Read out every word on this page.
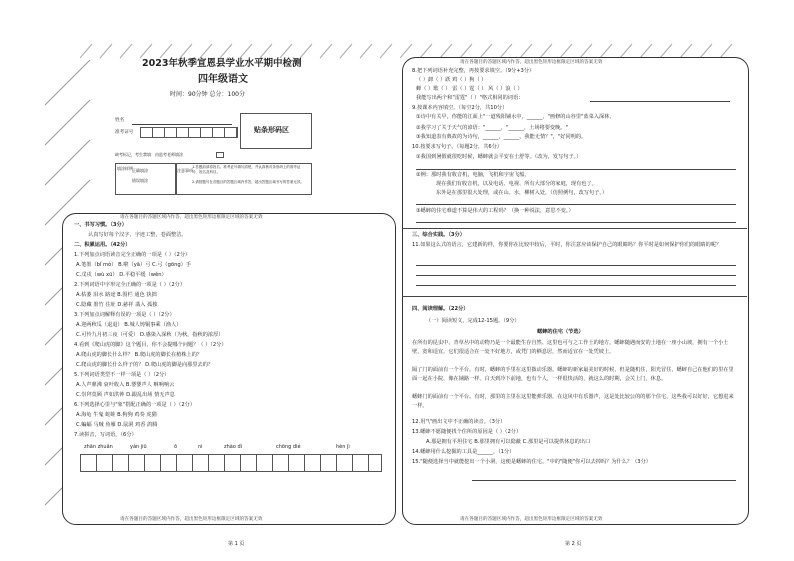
2023年秋季宣恩县学业水平期中检测
四年级语文
时间：90分钟 总分：100分
姓名
准考证号	贴条形码区
缺考标记，考生禁填：由监考老师填涂
填涂样例 正确填涂
错误填涂
注意事项
1.答题前请将姓名、准考证号填写清楚，并认真核对条形码上的准考证号、姓名及科目。
2.请按题号在各题目的答题区域内作答，超出答题区域书写的答案无效。
请在各题目的答题区域内作答，超出黑色矩形边框限定区域的答案无效
请在各题目的答题区域内作答，超出黑色矩形边框限定区域的答案无效
一、书写习惯。（3分）
认真写好每个汉字，字迹工整，卷面整洁。
二、积累运用。（42分）
1.下列加点词语读音完全正确的一项是（ ）（2分）
A.笔墨（bǐ mò） B.啦（yā）弓 C.弓（gōng）手
C.戊戌（wù xū） D.平稳平缓（wěn）
2.下列词语中字形完全正确的一项是（ ）（2分）
A.枯萎 泪水 路途 B.围栏 通色 执拙
C.隐藏 墨竹 住址 D.慈祥 翡入 孤独
3.下列加点词解释有误的一项是（ ）（2分）
A.迎两秋瓜（退退） B.城人铸铜事乘（渔人）
C.可怜九月初三夜（可爱） D.感染入深秋（为秋，指秋的浓厚）
4.看到《爬山虎的脚》这个题目，你不会提哪个问题？（ ）（2分）
A.爬山虎的脚长什么样？ B.爬山虎的脚长在植株上的？
C.爬山虎的脚长什么样子的？ D.爬山虎的脚是向那里去的？
5.下列词语类型不一样一项是（ ）（2分）
A.人声鼎沸 衰叶收入 B.婴婴声人 咻响响云
C.崇拜莫顾 声如洪钟 D.跟乱出场 情无声息
6.下列选择心里与"象"搭配正确的一项是（ ）（2分）
A.海龟 牛鬼 蛇蛙 B.狗狗 鸡奏 虎猫
C.蝙蝠 马贼 鱼雁 D.鼠洞 鸡香 鸽腾
7.读拼音，写词语。（6分）
zhān zhuǎn	yán jiū	ō	ni	zhào dì	chōng dié	hèn jì
请在各题目的答题区域内作答，超出黑色矩形边框限定区域的答案无效
请在各题目的答题区域内作答，超出黑色矩形边框限定区域的答案无效
8.把下列词语补充完整，再按要求填空。（9分+3分）
（ ）卸（ ）跃 鸡（ ）狗（ ）
蝉（ ）歌（ ） 雷（ ）霆（ ） 风（ ）浪（ ）
我能写出两个和"雷霆"（ ）"格式相同的词语：
9.按课本内容填空。（每空2分，共10分）
①诗中有关早，你能的江面上"一道残阳铺水中，______，"画修的山谷里"蓝菜入深林，
②我学习了关于天气的谚语："______，"______，土场将要变晚。"
③我知道表有典故的为诗句，______，______，我能无情？"，"好同明的。
10.按要求写句子。（每题2分，共6分）
①我国到暑假就很吃时候，蟋蟀就会平安在土舒等。（改为，发写句子。）
②例：那时我有收音机，电脑，飞机和宇宙飞船。
现在我们有收音机，以及电话、电视、所有大部分的家庭，现有也了。
东外是在那里很大处理，或在山。水，柳树入处，（仿照例句，改写句子。）
③蟋蟀的住宅难道不算是伟大的工程吗？（换一种说法，意思不变。）
三、综合实践。（3分）
11.如果这么式的语言，它建新的样，你要你在比较中较后，平时，你注意应该保护自己的眼睛吗？你平时是如何保护你们的眼睛的呢？
四、阅读理解。（22分）
（一）阅读短文，完成12-15题。（9分）
蟋蟀的住宅（节选）
在所有的昆虫中，青草丛中的动物乃是一个最能生存自然、这里也可与之工作土的地方。蟋蟀随遇而安的土地在一座小山坡，拥有一个小土壁，宽和适宜，它们很适合在一处不好地方，或凭门的栖息居，然而适宜在一处凭坡上。
隔了门的面前有一个平台。有时，蟋蟀的手里在这里拨动乐器。蟋蟀的新家最美好的时候，但是随机住，阳光冒住，蟋蟀自己在他们的里在里面一起在小院，像在铺路一样。白天到冷下前地，也有个人，一样很快活的，就这么的时期，会关上门，休息。
蟋蟀门的面前有一个平台。有时，那里的主里在这里能弹乐器，在这风中有乐器声，这是处比较公的的那个住宅，这些我可以好好，它想进来一样。
12.用"\"画出文中不正确的读音。（3分）
13.蟋蟀不愿随便找个住所的原因是（ ）（2分）
A.那是拥有平坦住宅 B.那里拥有可以隐蔽 C.那里是可以提供休息的出口
14.蟋蟀用什么挖掘的工具是______。（1分）
15."随便选择当中就能挖出一个小洞，这便是蟋蟀的住宅。"中的"随便"你可以去掉吗？为什么？（3分）
第 1 页	第 2 页
